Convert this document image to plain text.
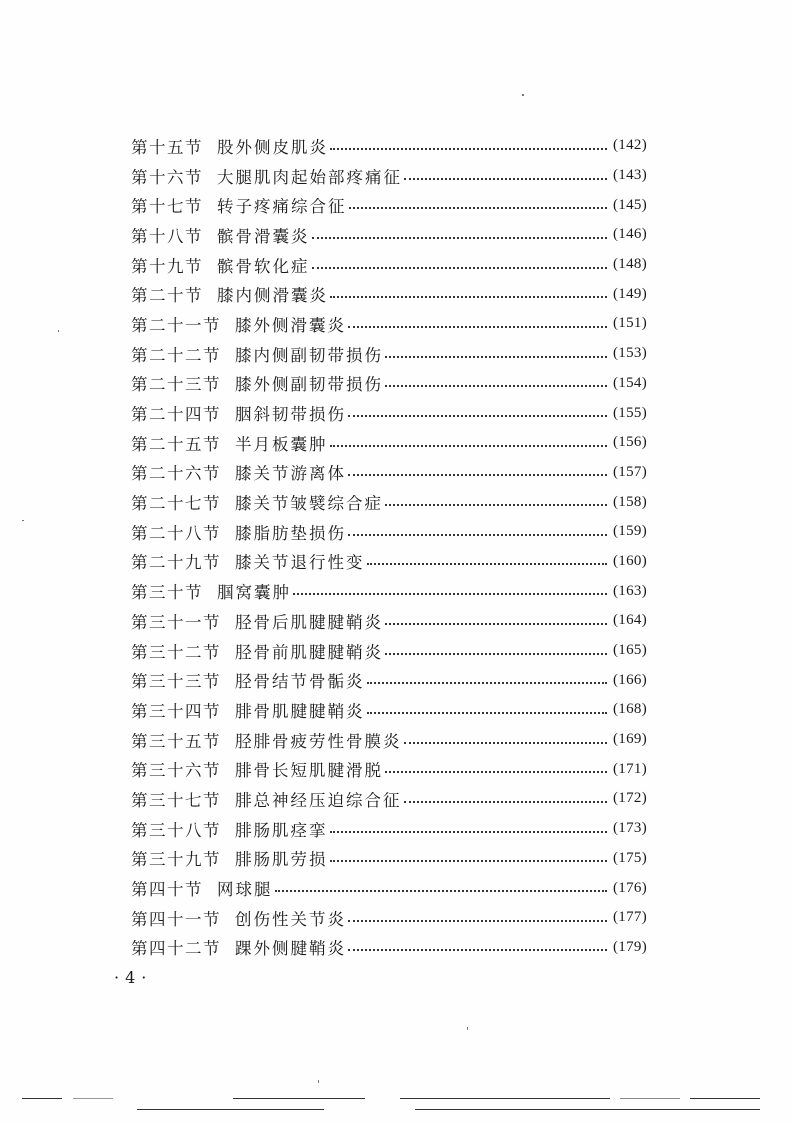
第十五节 股外侧皮肌炎	(142)
第十六节 大腿肌肉起始部疼痛征	(143)
第十七节 转子疼痛综合征	(145)
第十八节 髌骨滑囊炎	(146)
第十九节 髌骨软化症	(148)
第二十节 膝内侧滑囊炎	(149)
第二十一节 膝外侧滑囊炎	(151)
第二十二节 膝内侧副韧带损伤	(153)
第二十三节 膝外侧副韧带损伤	(154)
第二十四节 胭斜韧带损伤	(155)
第二十五节 半月板囊肿	(156)
第二十六节 膝关节游离体	(157)
第二十七节 膝关节皱襞综合症	(158)
第二十八节 膝脂肪垫损伤	(159)
第二十九节 膝关节退行性变	(160)
第三十节 腘窝囊肿	(163)
第三十一节 胫骨后肌腱腱鞘炎	(164)
第三十二节 胫骨前肌腱腱鞘炎	(165)
第三十三节 胫骨结节骨骺炎	(166)
第三十四节 腓骨肌腱腱鞘炎	(168)
第三十五节 胫腓骨疲劳性骨膜炎	(169)
第三十六节 腓骨长短肌腱滑脱	(171)
第三十七节 腓总神经压迫综合征	(172)
第三十八节 腓肠肌痉挛	(173)
第三十九节 腓肠肌劳损	(175)
第四十节 网球腿	(176)
第四十一节 创伤性关节炎	(177)
第四十二节 踝外侧腱鞘炎	(179)
·4·
